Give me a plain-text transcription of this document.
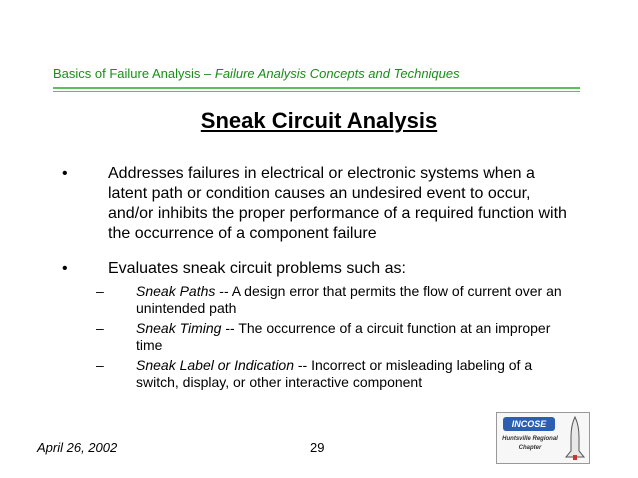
Basics of Failure Analysis – Failure Analysis Concepts and Techniques
Sneak Circuit Analysis
•	Addresses failures in electrical or electronic systems when a latent path or condition causes an undesired event to occur, and/or inhibits the proper performance of a required function with the occurrence of a component failure
•	Evaluates sneak circuit problems such as:
– Sneak Paths -- A design error that permits the flow of current over an unintended path
– Sneak Timing -- The occurrence of a circuit function at an improper time
– Sneak Label or Indication -- Incorrect or misleading labeling of a switch, display, or other interactive component
April 26, 2002	29
INCOSE
Huntsville Regional Chapter
